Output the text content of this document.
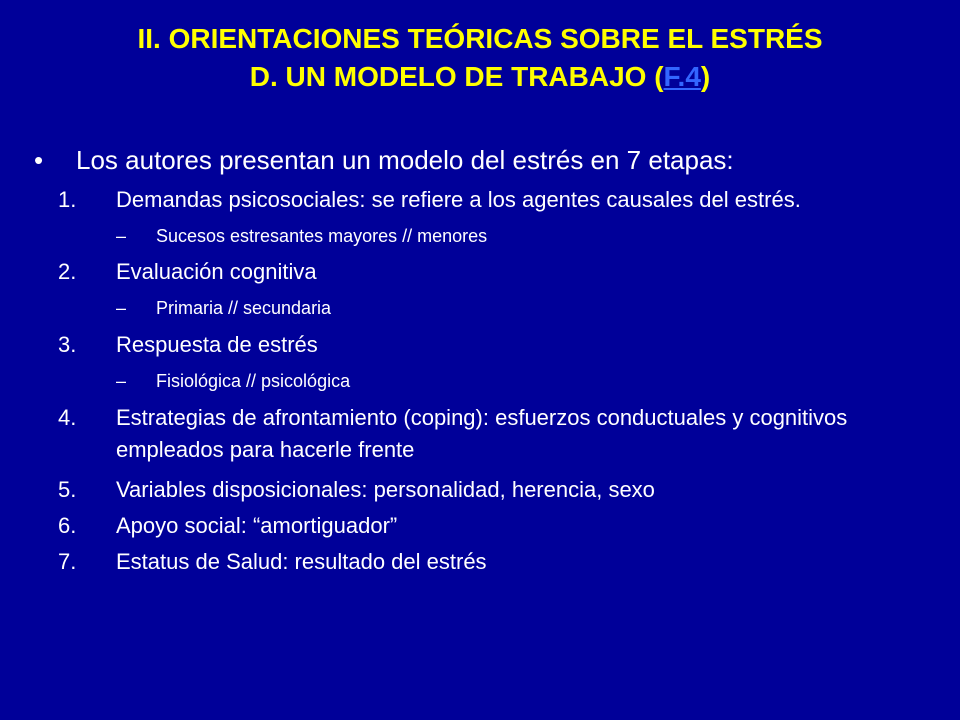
II. ORIENTACIONES TEÓRICAS SOBRE EL ESTRÉS
D. UN MODELO DE TRABAJO (F.4)
• Los autores presentan un modelo del estrés en 7 etapas:
1. Demandas psicosociales: se refiere a los agentes causales del estrés.
– Sucesos estresantes mayores // menores
2. Evaluación cognitiva
– Primaria // secundaria
3. Respuesta de estrés
– Fisiológica // psicológica
4. Estrategias de afrontamiento (coping): esfuerzos conductuales y cognitivos empleados para hacerle frente
5. Variables disposicionales: personalidad, herencia, sexo
6. Apoyo social: “amortiguador”
7. Estatus de Salud: resultado del estrés
